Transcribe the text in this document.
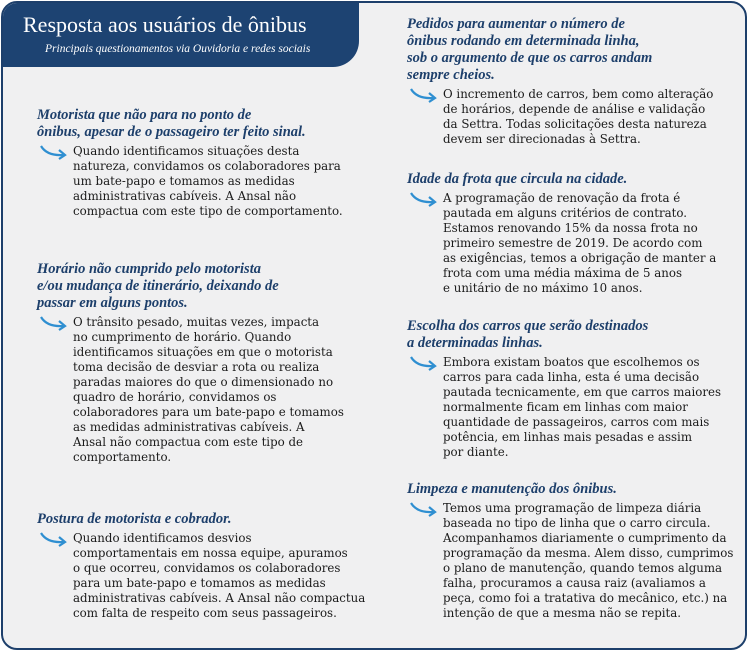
Resposta aos usuários de ônibus
Principais questionamentos via Ouvidoria e redes sociais
Motorista que não para no ponto de
ônibus, apesar de o passageiro ter feito sinal.
Quando identificamos situações desta
natureza, convidamos os colaboradores para
um bate-papo e tomamos as medidas
administrativas cabíveis. A Ansal não
compactua com este tipo de comportamento.
Horário não cumprido pelo motorista
e/ou mudança de itinerário, deixando de
passar em alguns pontos.
O trânsito pesado, muitas vezes, impacta
no cumprimento de horário. Quando
identificamos situações em que o motorista
toma decisão de desviar a rota ou realiza
paradas maiores do que o dimensionado no
quadro de horário, convidamos os
colaboradores para um bate-papo e tomamos
as medidas administrativas cabíveis. A
Ansal não compactua com este tipo de
comportamento.
Postura de motorista e cobrador.
Quando identificamos desvios
comportamentais em nossa equipe, apuramos
o que ocorreu, convidamos os colaboradores
para um bate-papo e tomamos as medidas
administrativas cabíveis. A Ansal não compactua
com falta de respeito com seus passageiros.
Pedidos para aumentar o número de
ônibus rodando em determinada linha,
sob o argumento de que os carros andam
sempre cheios.
O incremento de carros, bem como alteração
de horários, depende de análise e validação
da Settra. Todas solicitações desta natureza
devem ser direcionadas à Settra.
Idade da frota que circula na cidade.
A programação de renovação da frota é
pautada em alguns critérios de contrato.
Estamos renovando 15% da nossa frota no
primeiro semestre de 2019. De acordo com
as exigências, temos a obrigação de manter a
frota com uma média máxima de 5 anos
e unitário de no máximo 10 anos.
Escolha dos carros que serão destinados
a determinadas linhas.
Embora existam boatos que escolhemos os
carros para cada linha, esta é uma decisão
pautada tecnicamente, em que carros maiores
normalmente ficam em linhas com maior
quantidade de passageiros, carros com mais
potência, em linhas mais pesadas e assim
por diante.
Limpeza e manutenção dos ônibus.
Temos uma programação de limpeza diária
baseada no tipo de linha que o carro circula.
Acompanhamos diariamente o cumprimento da
programação da mesma. Alem disso, cumprimos
o plano de manutenção, quando temos alguma
falha, procuramos a causa raiz (avaliamos a
peça, como foi a tratativa do mecânico, etc.) na
intenção de que a mesma não se repita.
